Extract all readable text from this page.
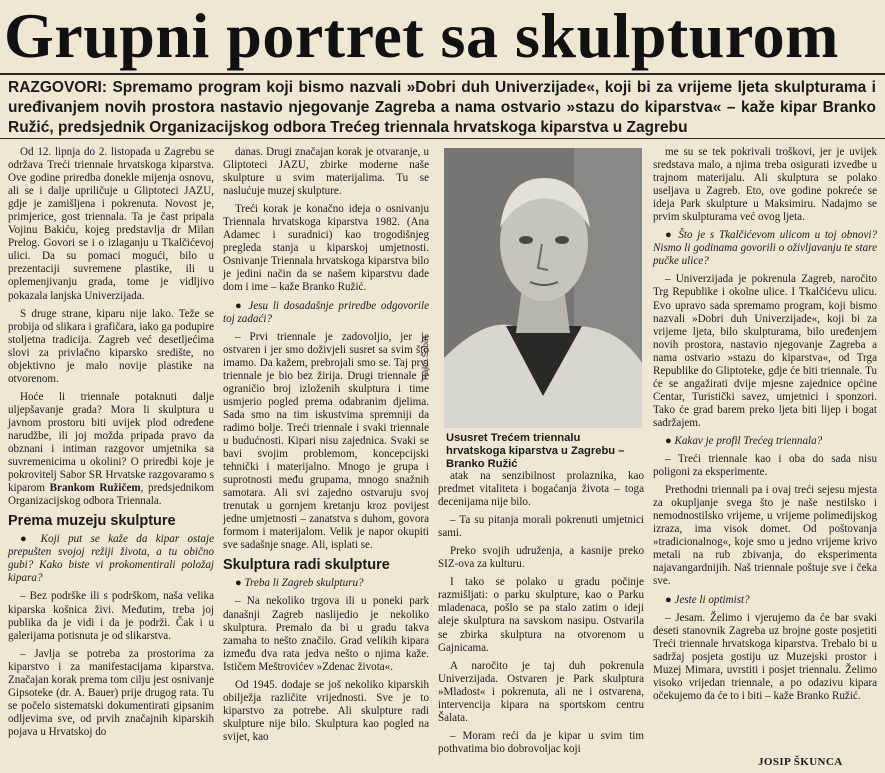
Grupni portret sa skulpturom
RAZGOVORI: Spremamo program koji bismo nazvali »Dobri duh Univerzijade«, koji bi za vrijeme ljeta skulpturama i uređivanjem novih prostora nastavio njegovanje Zagreba a nama ostvario »stazu do kiparstva« – kaže kipar Branko Ružić, predsjednik Organizacijskog odbora Trećeg triennala hrvatskoga kiparstva u Zagrebu

Od 12. lipnja do 2. listopada u Zagrebu se održava Treći triennale hrvatskoga kiparstva. Ove godine priredba donekle mijenja osnovu, ali se i dalje upriličuje u Gliptoteci JAZU, gdje je zamišljena i pokrenuta. Novost je, primjerice, gost triennala. Ta je čast pripala Vojinu Bakiću, kojeg predstavlja dr Milan Prelog. Govori se i o izlaganju u Tkalčićevoj ulici. Da su pomaci mogući, bilo u prezentaciji suvremene plastike, ili u oplemenjivanju grada, tome je vidljivo pokazala lanjska Univerzijada.

S druge strane, kiparu nije lako. Teže se probija od slikara i grafičara, iako ga podupire stoljetna tradicija. Zagreb već desetljećima slovi za privlačno kiparsko središte, no objektivno je malo novije plastike na otvorenom.

Hoće li triennale potaknuti dalje uljepšavanje grada? Mora li skulptura u javnom prostoru biti uvijek plod određene narudžbe, ili joj možda pripada pravo da obznani i intiman razgovor umjetnika sa suvremenicima u okolini? O priredbi koje je pokrovitelj Sabor SR Hrvatske razgovaramo s kiparom Brankom Ružičem, predsjednikom Organizacijskog odbora Triennala.

Prema muzeju skulpture

● Koji put se kaže da kipar ostaje prepušten svojoj režiji života, a tu obično gubi? Kako biste vi prokomentirali položaj kipara?

– Bez podrške ili s podrškom, naša velika kiparska košnica živi. Međutim, treba joj publika da je vidi i da je podrži. Čak i u galerijama potisnuta je od slikarstva.

– Javlja se potreba za prostorima za kiparstvo i za manifestacijama kiparstva. Značajan korak prema tom cilju jest osnivanje Gipsoteke (dr. A. Bauer) prije drugog rata. Tu se počelo sistematski dokumentirati gipsanim odljevima sve, od prvih značajnih kiparskih pojava u Hrvatskoj do

danas. Drugi značajan korak je otvaranje, u Gliptoteci JAZU, zbirke moderne naše skulpture u svim materijalima. Tu se naslućuje muzej skulpture.

Treći korak je konačno ideja o osnivanju Triennala hrvatskoga kiparstva 1982. (Ana Adamec i suradnici) kao trogodišnjeg pregleda stanja u kiparskoj umjetnosti. Osnivanje Triennala hrvatskoga kiparstva bilo je jedini način da se našem kiparstvu dade dom i ime – kaže Branko Ružić.

● Jesu li dosadašnje priredbe odgovorile toj zadaći?

– Prvi triennale je zadovoljio, jer je ostvaren i jer smo doživjeli susret sa svim što imamo. Da kažem, prebrojali smo se. Taj prvi triennale je bio bez žirija. Drugi triennale je ograničio broj izloženih skulptura i time usmjerio pogled prema odabranim djelima. Sada smo na tim iskustvima spremniji da radimo bolje. Treći triennale i svaki triennale u budućnosti. Kipari nisu zajednica. Svaki se bavi svojim problemom, koncepcijski tehnički i materijalno. Mnogo je grupa i suprotnosti među grupama, mnogo snažnih samotara. Ali svi zajedno ostvaruju svoj trenutak u gornjem kretanju kroz povijest jedne umjetnosti – zanatstva s duhom, govora formom i materijalom. Velik je napor okupiti sve sadašnje snage. Ali, isplati se.

Skulptura radi skulpture

● Treba li Zagreb skulpturu?

– Na nekoliko trgova ili u poneki park današnji Zagreb naslijedio je nekoliko skulptura. Premalo da bi u gradu takva zamaha to nešto značilo. Grad velikih kipara između dva rata jedva nešto o njima kaže. Ističem Meštrovićev »Zdenac života«.

Od 1945. dodaje se još nekoliko kiparskih obilježja različite vrijednosti. Sve je to kiparstvo za potrebe. Ali skulpture radi skulpture nije bilo. Skulptura kao pogled na svijet, kao

Rajko Šobat
Ususret Trećem triennalu hrvatskoga kiparstva u Zagrebu – Branko Ružić

atak na senzibilnost prolaznika, kao predmet vitaliteta i bogaćanja života – toga decenijama nije bilo.

– Ta su pitanja morali pokrenuti umjetnici sami.

Preko svojih udruženja, a kasnije preko SIZ-ova za kulturu.

I tako se polako u gradu počinje razmišljati: o parku skulpture, kao o Parku mladenaca, pošlo se pa stalo zatim o ideji aleje skulptura na savskom nasipu. Ostvarila se zbirka skulptura na otvorenom u Gajnicama.

A naročito je taj duh pokrenula Univerzijada. Ostvaren je Park skulptura »Mladost« i pokrenuta, ali ne i ostvarena, intervencija kipara na sportskom centru Šalata.

– Moram reći da je kipar u svim tim pothvatima bio dobrovoljac koji

me su se tek pokrivali troškovi, jer je uvijek sredstava malo, a njima treba osigurati izvedbe u trajnom materijalu. Ali skulptura se polako useljava u Zagreb. Eto, ove godine pokreće se ideja Park skulpture u Maksimiru. Nadajmo se prvim skulpturama već ovog ljeta.

● Što je s Tkalčićevom ulicom u toj obnovi? Nismo li godinama govorili o oživljavanju te stare pučke ulice?

– Univerzijada je pokrenula Zagreb, naročito Trg Republike i okolne ulice. I Tkalčićevu ulicu. Evo upravo sada spremamo program, koji bismo nazvali »Dobri duh Univerzijade«, koji bi za vrijeme ljeta, bilo skulpturama, bilo uređenjem novih prostora, nastavio njegovanje Zagreba a nama ostvario »stazu do kiparstva«, od Trga Republike do Gliptoteke, gdje će biti triennale. Tu će se angažirati dvije mjesne zajednice općine Centar, Turistički savez, umjetnici i sponzori. Tako će grad barem preko ljeta biti lijep i bogat sadržajem.

● Kakav je profil Trećeg triennala?

– Treći triennale kao i oba do sada nisu poligoni za eksperimente.

Prethodni triennali pa i ovaj treći sejesu mjesta za okupljanje svega što je naše nestilsko i nemodnostilsko vrijeme, u vrijeme polimedijskog izraza, ima visok domet. Od poštovanja »tradicionalnog«, koje smo u jedno vrijeme krivo metali na rub zbivanja, do eksperimenta najavangardnijih. Naš triennale poštuje sve i čeka sve.

● Jeste li optimist?

– Jesam. Želimo i vjerujemo da će bar svaki deseti stanovnik Zagreba uz brojne goste posjetiti Treći triennale hrvatskoga kiparstva. Trebalo bi u sadržaj posjeta gostiju uz Muzejski prostor i Muzej Mimara, uvrstiti i posjet triennalu. Želimo visoko vrijedan triennale, a po odazivu kipara očekujemo da će to i biti – kaže Branko Ružić.

JOSIP ŠKUNCA
